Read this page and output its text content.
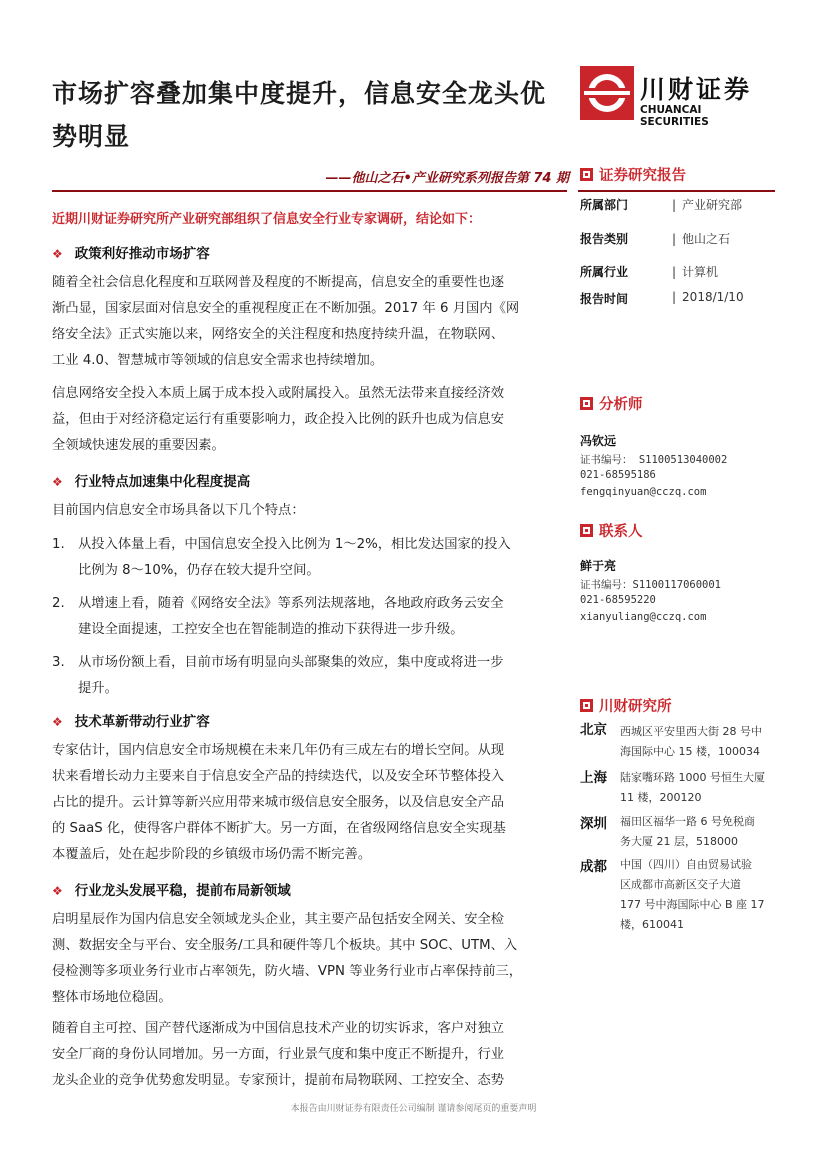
市场扩容叠加集中度提升，信息安全龙头优
势明显
——他山之石•产业研究系列报告第 74 期
川财证券
CHUANCAI SECURITIES
近期川财证券研究所产业研究部组织了信息安全行业专家调研，结论如下：
❖ 政策利好推动市场扩容
随着全社会信息化程度和互联网普及程度的不断提高，信息安全的重要性也逐
渐凸显，国家层面对信息安全的重视程度正在不断加强。2017 年 6 月国内《网
络安全法》正式实施以来，网络安全的关注程度和热度持续升温，在物联网、
工业 4.0、智慧城市等领域的信息安全需求也持续增加。
信息网络安全投入本质上属于成本投入或附属投入。虽然无法带来直接经济效
益，但由于对经济稳定运行有重要影响力，政企投入比例的跃升也成为信息安
全领域快速发展的重要因素。
❖ 行业特点加速集中化程度提高
目前国内信息安全市场具备以下几个特点：
1. 从投入体量上看，中国信息安全投入比例为 1～2%，相比发达国家的投入
比例为 8～10%，仍存在较大提升空间。
2. 从增速上看，随着《网络安全法》等系列法规落地，各地政府政务云安全
建设全面提速，工控安全也在智能制造的推动下获得进一步升级。
3. 从市场份额上看，目前市场有明显向头部聚集的效应，集中度或将进一步
提升。
❖ 技术革新带动行业扩容
专家估计，国内信息安全市场规模在未来几年仍有三成左右的增长空间。从现
状来看增长动力主要来自于信息安全产品的持续迭代，以及安全环节整体投入
占比的提升。云计算等新兴应用带来城市级信息安全服务，以及信息安全产品
的 SaaS 化，使得客户群体不断扩大。另一方面，在省级网络信息安全实现基
本覆盖后，处在起步阶段的乡镇级市场仍需不断完善。
❖ 行业龙头发展平稳，提前布局新领域
启明星辰作为国内信息安全领域龙头企业，其主要产品包括安全网关、安全检
测、数据安全与平台、安全服务/工具和硬件等几个板块。其中 SOC、UTM、入
侵检测等多项业务行业市占率领先，防火墙、VPN 等业务行业市占率保持前三，
整体市场地位稳固。
随着自主可控、国产替代逐渐成为中国信息技术产业的切实诉求，客户对独立
安全厂商的身份认同增加。另一方面，行业景气度和集中度正不断提升，行业
龙头企业的竞争优势愈发明显。专家预计，提前布局物联网、工控安全、态势
证券研究报告
所属部门	| 产业研究部
报告类别	| 他山之石
所属行业	| 计算机
报告时间	| 2018/1/10
分析师
冯钦远
证书编号： S1100513040002
021-68595186
fengqinyuan@cczq.com
联系人
鲜于亮
证书编号：S1100117060001
021-68595220
xianyuliang@cczq.com
川财研究所
北京 西城区平安里西大街 28 号中
海国际中心 15 楼，100034
上海 陆家嘴环路 1000 号恒生大厦
11 楼，200120
深圳 福田区福华一路 6 号免税商
务大厦 21 层，518000
成都 中国（四川）自由贸易试验
区成都市高新区交子大道
177 号中海国际中心 B 座 17
楼，610041
本报告由川财证券有限责任公司编制 谨请参阅尾页的重要声明
